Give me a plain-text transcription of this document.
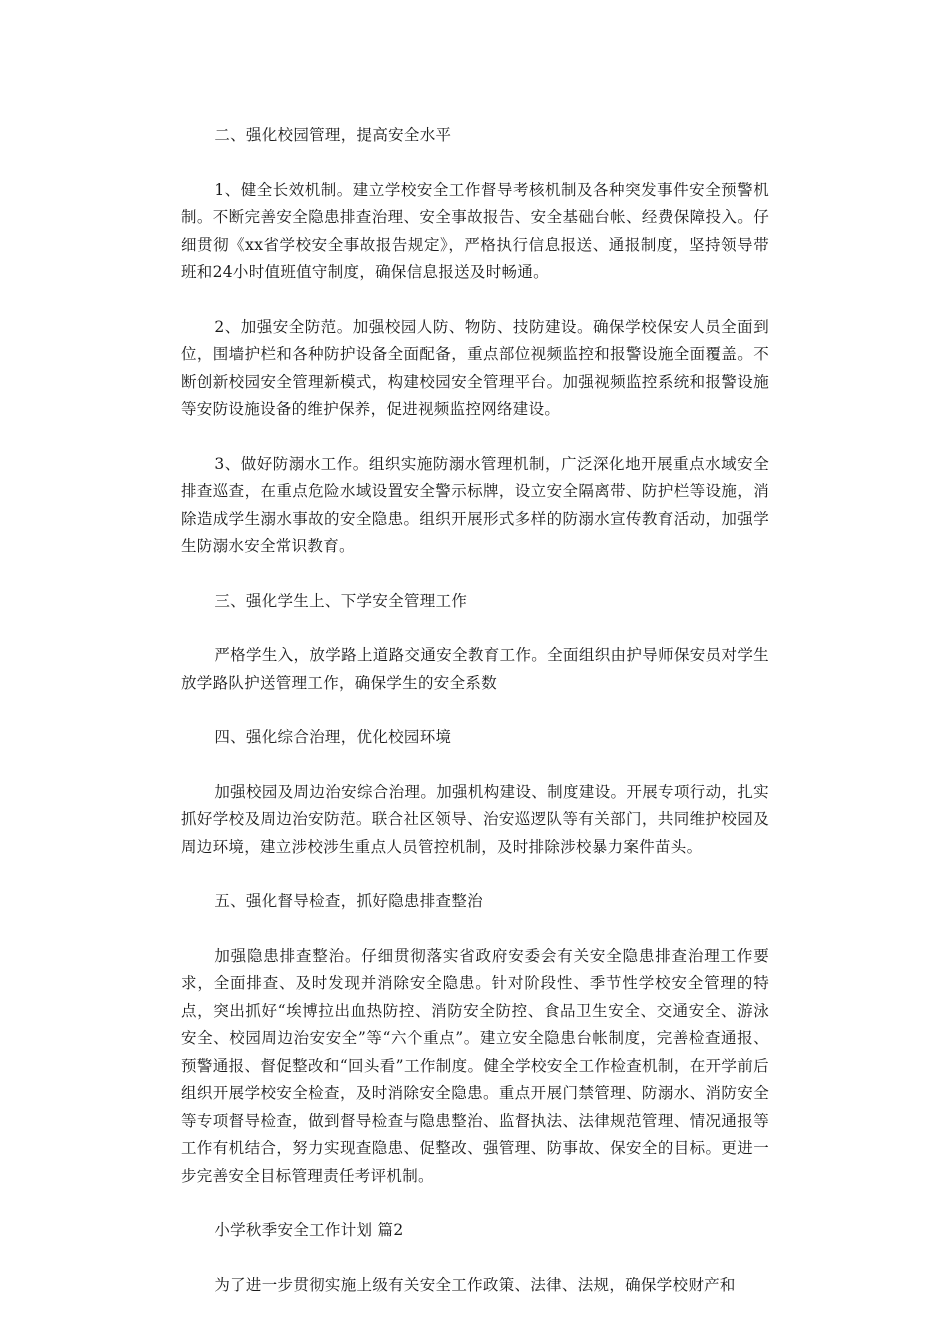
二、强化校园管理，提高安全水平

1、健全长效机制。建立学校安全工作督导考核机制及各种突发事件安全预警机制。不断完善安全隐患排查治理、安全事故报告、安全基础台帐、经费保障投入。仔细贯彻《xx省学校安全事故报告规定》，严格执行信息报送、通报制度，坚持领导带班和24小时值班值守制度，确保信息报送及时畅通。

2、加强安全防范。加强校园人防、物防、技防建设。确保学校保安人员全面到位，围墙护栏和各种防护设备全面配备，重点部位视频监控和报警设施全面覆盖。不断创新校园安全管理新模式，构建校园安全管理平台。加强视频监控系统和报警设施等安防设施设备的维护保养，促进视频监控网络建设。

3、做好防溺水工作。组织实施防溺水管理机制，广泛深化地开展重点水域安全排查巡查，在重点危险水域设置安全警示标牌，设立安全隔离带、防护栏等设施，消除造成学生溺水事故的安全隐患。组织开展形式多样的防溺水宣传教育活动，加强学生防溺水安全常识教育。

三、强化学生上、下学安全管理工作

严格学生入，放学路上道路交通安全教育工作。全面组织由护导师保安员对学生放学路队护送管理工作，确保学生的安全系数

四、强化综合治理，优化校园环境

加强校园及周边治安综合治理。加强机构建设、制度建设。开展专项行动，扎实抓好学校及周边治安防范。联合社区领导、治安巡逻队等有关部门，共同维护校园及周边环境，建立涉校涉生重点人员管控机制，及时排除涉校暴力案件苗头。

五、强化督导检查，抓好隐患排查整治

加强隐患排查整治。仔细贯彻落实省政府安委会有关安全隐患排查治理工作要求，全面排查、及时发现并消除安全隐患。针对阶段性、季节性学校安全管理的特点，突出抓好“埃博拉出血热防控、消防安全防控、食品卫生安全、交通安全、游泳安全、校园周边治安安全”等“六个重点”。建立安全隐患台帐制度，完善检查通报、预警通报、督促整改和“回头看”工作制度。健全学校安全工作检查机制，在开学前后组织开展学校安全检查，及时消除安全隐患。重点开展门禁管理、防溺水、消防安全等专项督导检查，做到督导检查与隐患整治、监督执法、法律规范管理、情况通报等工作有机结合，努力实现查隐患、促整改、强管理、防事故、保安全的目标。更进一步完善安全目标管理责任考评机制。

小学秋季安全工作计划 篇2

为了进一步贯彻实施上级有关安全工作政策、法律、法规，确保学校财产和
